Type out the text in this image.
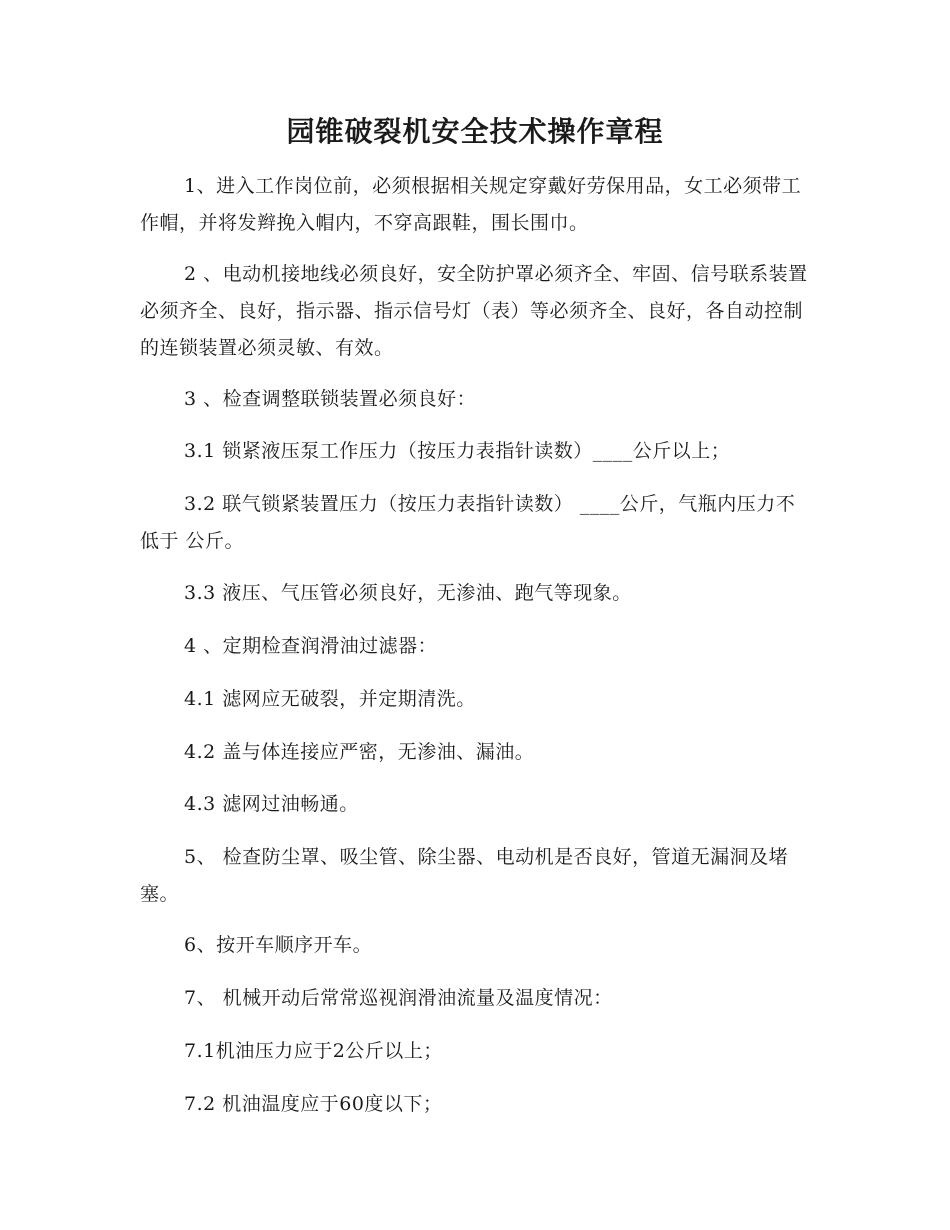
园锥破裂机安全技术操作章程

1、进入工作岗位前，必须根据相关规定穿戴好劳保用品，女工必须带工作帽，并将发辫挽入帽内，不穿高跟鞋，围长围巾。

2 、电动机接地线必须良好，安全防护罩必须齐全、牢固、信号联系装置必须齐全、良好，指示器、指示信号灯（表）等必须齐全、良好，各自动控制的连锁装置必须灵敏、有效。

3 、检查调整联锁装置必须良好：

3.1 锁紧液压泵工作压力（按压力表指针读数）____公斤以上；

3.2 联气锁紧装置压力（按压力表指针读数） ____公斤，气瓶内压力不低于 公斤。

3.3 液压、气压管必须良好，无渗油、跑气等现象。

4 、定期检查润滑油过滤器：

4.1 滤网应无破裂，并定期清洗。

4.2 盖与体连接应严密，无渗油、漏油。

4.3 滤网过油畅通。

5、 检查防尘罩、吸尘管、除尘器、电动机是否良好，管道无漏洞及堵塞。

6、按开车顺序开车。

7、 机械开动后常常巡视润滑油流量及温度情况：

7.1机油压力应于2公斤以上；

7.2 机油温度应于60度以下；
